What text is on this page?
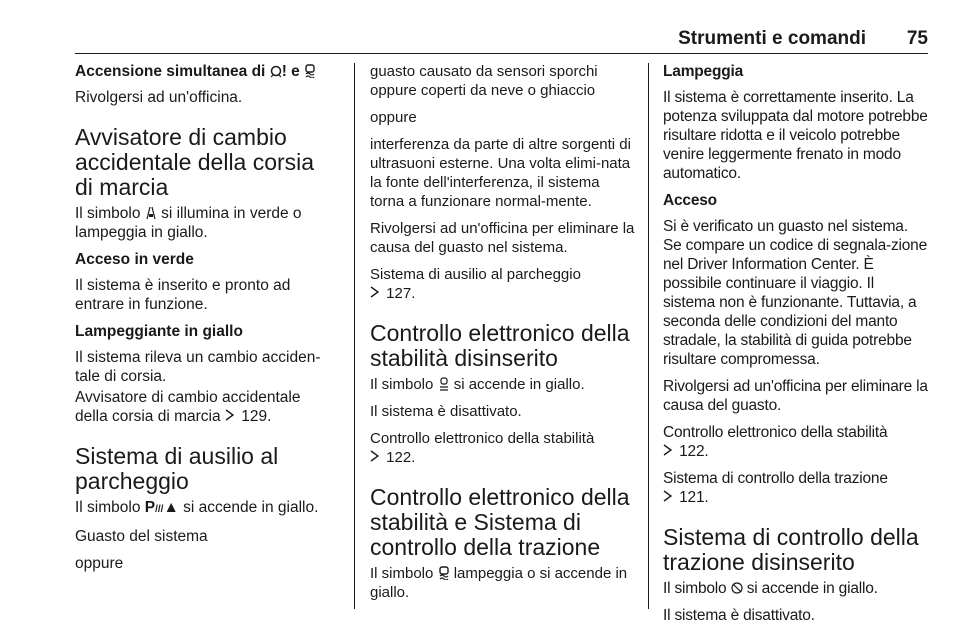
Strumenti e comandi 75
Accensione simultanea di ! e

Rivolgersi ad un'officina.

Avvisatore di cambio accidentale della corsia di marcia

Il simbolo si illumina in verde o lampeggia in giallo.

Acceso in verde

Il sistema è inserito e pronto ad entrare in funzione.

Lampeggiante in giallo

Il sistema rileva un cambio acciden-tale di corsia.

Avvisatore di cambio accidentale della corsia di marcia 129.

Sistema di ausilio al parcheggio

Il simbolo P///▲ si accende in giallo.

Guasto del sistema

oppure

guasto causato da sensori sporchi oppure coperti da neve o ghiaccio

oppure

interferenza da parte di altre sorgenti di ultrasuoni esterne. Una volta elimi-nata la fonte dell'interferenza, il sistema torna a funzionare normal-mente.

Rivolgersi ad un'officina per eliminare la causa del guasto nel sistema.

Sistema di ausilio al parcheggio

127.

Controllo elettronico della stabilità disinserito

Il simbolo si accende in giallo.

Il sistema è disattivato.

Controllo elettronico della stabilità

122.

Controllo elettronico della stabilità e Sistema di controllo della trazione

Il simbolo lampeggia o si accende in giallo.

Lampeggia

Il sistema è correttamente inserito. La potenza sviluppata dal motore potrebbe risultare ridotta e il veicolo potrebbe venire leggermente frenato in modo automatico.

Acceso

Si è verificato un guasto nel sistema. Se compare un codice di segnala-zione nel Driver Information Center. È possibile continuare il viaggio. Il sistema non è funzionante. Tuttavia, a seconda delle condizioni del manto stradale, la stabilità di guida potrebbe risultare compromessa.

Rivolgersi ad un'officina per eliminare la causa del guasto.

Controllo elettronico della stabilità

122.

Sistema di controllo della trazione

121.

Sistema di controllo della trazione disinserito

Il simbolo si accende in giallo.

Il sistema è disattivato.
